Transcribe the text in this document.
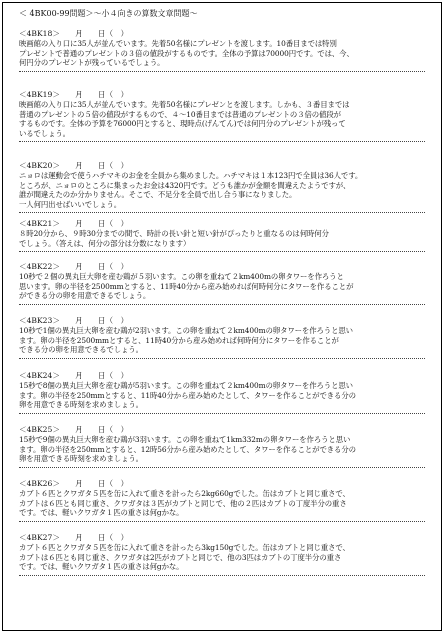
＜ 4BK00-99問題＞～小４向きの算数文章問題～
＜4BK18＞　　月　　日（　）
映画館の入り口に35人が並んでいます。先着50名様にプレゼントを渡します。10番目までは特別
プレゼントで普通のプレゼントの３倍の値段がするものです。全体の予算は70000円です。では、今、
何円分のプレゼントが残っているでしょう。
＜4BK19＞　　月　　日（　）
映画館の入り口に35人が並んでいます。先着50名様にプレゼンとを渡します。しかも、３番目までは
普通のプレゼントの５倍の値段がするもので、４～10番目までは普通のプレゼントの３倍の値段が
するものです。全体の予算を76000円とすると、現時点(げんてん)では何円分のプレゼントが残って
いるでしょう。
＜4BK20＞　　月　　日（　）
ニョロは運動会で使うハチマキのお金を全員から集めました。ハチマキは１本123円で全員は36人です。
ところが、ニョロのところに集まったお金は4320円です。どうも誰かが金額を間違えたようですが、
誰が間違えたのか分かりません。そこで、不足分を全員で出し合う事になりました。
一人何円出せばいいでしょう。
＜4BK21＞　　月　　日（　）
８時20分から、９時30分までの間で、時計の長い針と短い針がぴったりと重なるのは何時何分
でしょう。（答えは、何分の部分は分数になります）
＜4BK22＞　　月　　日（　）
10秒で２個の異丸巨大卵を産む鶏が５羽います。この卵を重ねて２km400mの卵タワーを作ろうと
思います。卵の半径を2500mmとすると、11時40分から産み始めれば何時何分にタワーを作ることが
ができる分の卵を用意できるでしょう。
＜4BK23＞　　月　　日（　）
10秒で1個の異丸巨大卵を産む鶏が2羽います。この卵を重ねて２km400mの卵タワーを作ろうと思い
ます。卵の半径を2500mmとすると、11時40分から産み始めれば何時何分にタワーを作ることが
できる分の卵を用意できるでしょう。
＜4BK24＞　　月　　日（　）
15秒で8個の異丸巨大卵を産む鶏が5羽います。この卵を重ねて２km400mの卵タワーを作ろうと思い
ます。卵の半径を250mmとすると、11時40分から産み始めたとして、タワーを作ることができる分の
卵を用意できる時刻を求めましょう。
＜4BK25＞　　月　　日（　）
15秒で9個の異丸巨大卵を産む鶏が3羽います。この卵を重ねて1km332mの卵タワーを作ろうと思い
ます。卵の半径を250mmとすると、12時56分から産み始めたとして、タワーを作ることができる分の
卵を用意できる時刻を求めましょう。
＜4BK26＞　　月　　日（　）
カブト６匹とクワガタ５匹を缶に入れて重さを計ったら2kg660gでした。缶はカブトと同じ重さで、
カブトは６匹とも同じ重さ、クワガタは３匹がカブトと同じで、他の２匹はカブトの丁度半分の重さ
です。では、軽いクワガタ１匹の重さは何gかな。
＜4BK27＞　　月　　日（　）
カブト６匹とクワガタ５匹を缶に入れて重さを計ったら3kg150gでした。缶はカブトと同じ重さで、
カブトは６匹とも同じ重さ、クワガタは2匹がカブトと同じで、他の3匹はカブトの丁度半分の重さ
です。では、軽いクワガタ１匹の重さは何gかな。
